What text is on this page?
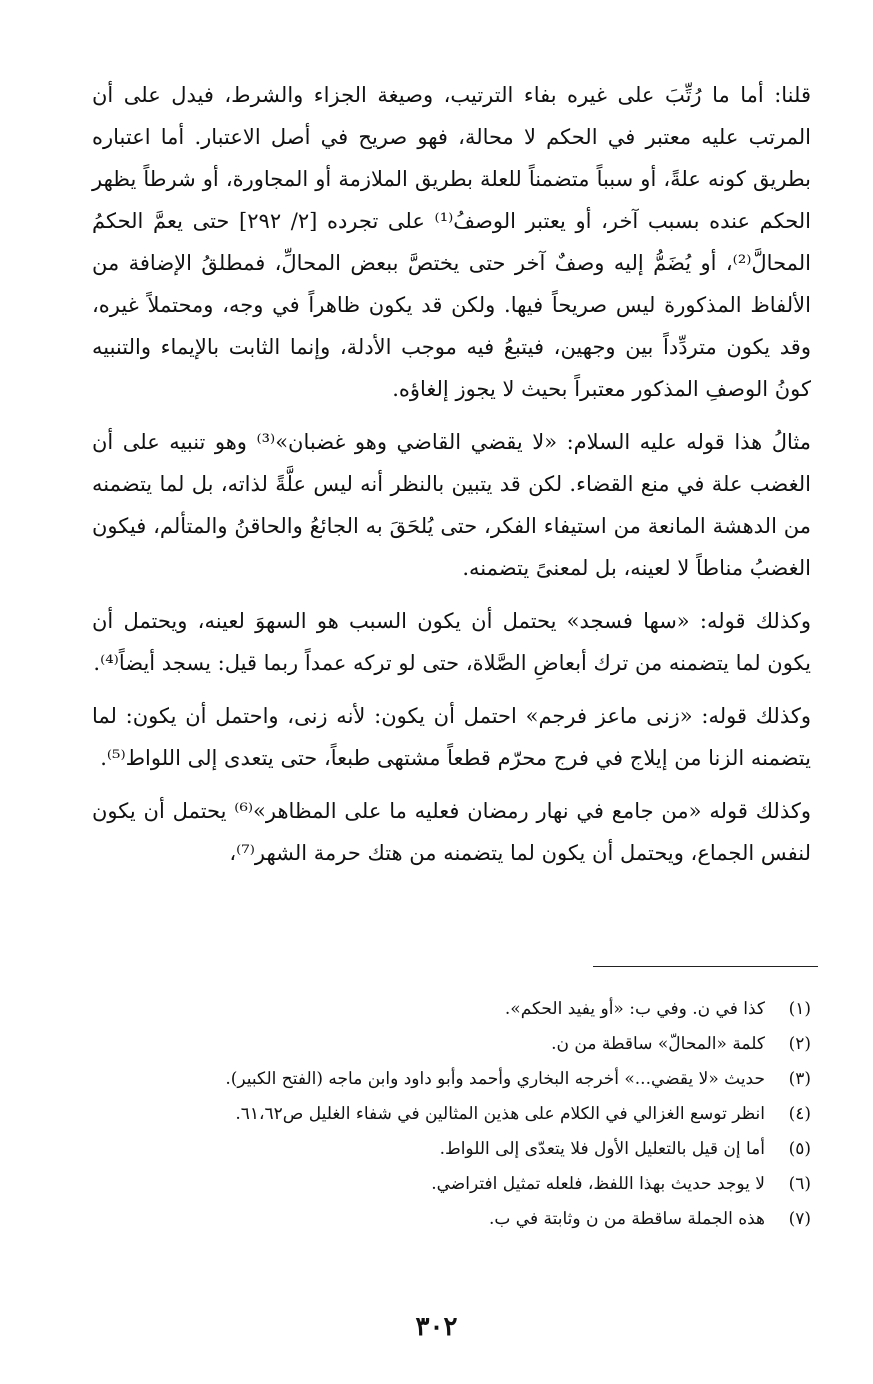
قلنا: أما ما رُتِّبَ على غيره بفاء الترتيب، وصيغة الجزاء والشرط، فيدل على أن المرتب عليه معتبر في الحكم لا محالة، فهو صريح في أصل الاعتبار. أما اعتباره بطريق كونه علةً، أو سبباً متضمناً للعلة بطريق الملازمة أو المجاورة، أو شرطاً يظهر الحكم عنده بسبب آخر، أو يعتبر الوصفُ⁽¹⁾ على تجرده [٢/ ٢٩٢] حتى يعمَّ الحكمُ المحالَّ⁽²⁾، أو يُضَمُّ إليه وصفٌ آخر حتى يختصَّ ببعض المحالِّ، فمطلقُ الإضافة من الألفاظ المذكورة ليس صريحاً فيها. ولكن قد يكون ظاهراً في وجه، ومحتملاً غيره، وقد يكون متردِّداً بين وجهين، فيتبعُ فيه موجب الأدلة، وإنما الثابت بالإيماء والتنبيه كونُ الوصفِ المذكور معتبراً بحيث لا يجوز إلغاؤه.

مثالُ هذا قوله عليه السلام: «لا يقضي القاضي وهو غضبان»⁽³⁾ وهو تنبيه على أن الغضب علة في منع القضاء. لكن قد يتبين بالنظر أنه ليس علَّةً لذاته، بل لما يتضمنه من الدهشة المانعة من استيفاء الفكر، حتى يُلحَقَ به الجائعُ والحاقنُ والمتألم، فيكون الغضبُ مناطاً لا لعينه، بل لمعنىً يتضمنه.

وكذلك قوله: «سها فسجد» يحتمل أن يكون السبب هو السهوَ لعينه، ويحتمل أن يكون لما يتضمنه من ترك أبعاضِ الصَّلاة، حتى لو تركه عمداً ربما قيل: يسجد أيضاً⁽⁴⁾.

وكذلك قوله: «زنى ماعز فرجم» احتمل أن يكون: لأنه زنى، واحتمل أن يكون: لما يتضمنه الزنا من إيلاج في فرج محرّم قطعاً مشتهى طبعاً، حتى يتعدى إلى اللواط⁽⁵⁾.

وكذلك قوله «من جامع في نهار رمضان فعليه ما على المظاهر»⁽⁶⁾ يحتمل أن يكون لنفس الجماع، ويحتمل أن يكون لما يتضمنه من هتك حرمة الشهر⁽⁷⁾،

(١)كذا في ن. وفي ب: «أو يفيد الحكم».
(٢)كلمة «المحالّ» ساقطة من ن.
(٣)حديث «لا يقضي...» أخرجه البخاري وأحمد وأبو داود وابن ماجه (الفتح الكبير).
(٤)انظر توسع الغزالي في الكلام على هذين المثالين في شفاء الغليل ص٦١،٦٢.
(٥)أما إن قيل بالتعليل الأول فلا يتعدّى إلى اللواط.
(٦)لا يوجد حديث بهذا اللفظ، فلعله تمثيل افتراضي.
(٧)هذه الجملة ساقطة من ن وثابتة في ب.
٣٠٢
